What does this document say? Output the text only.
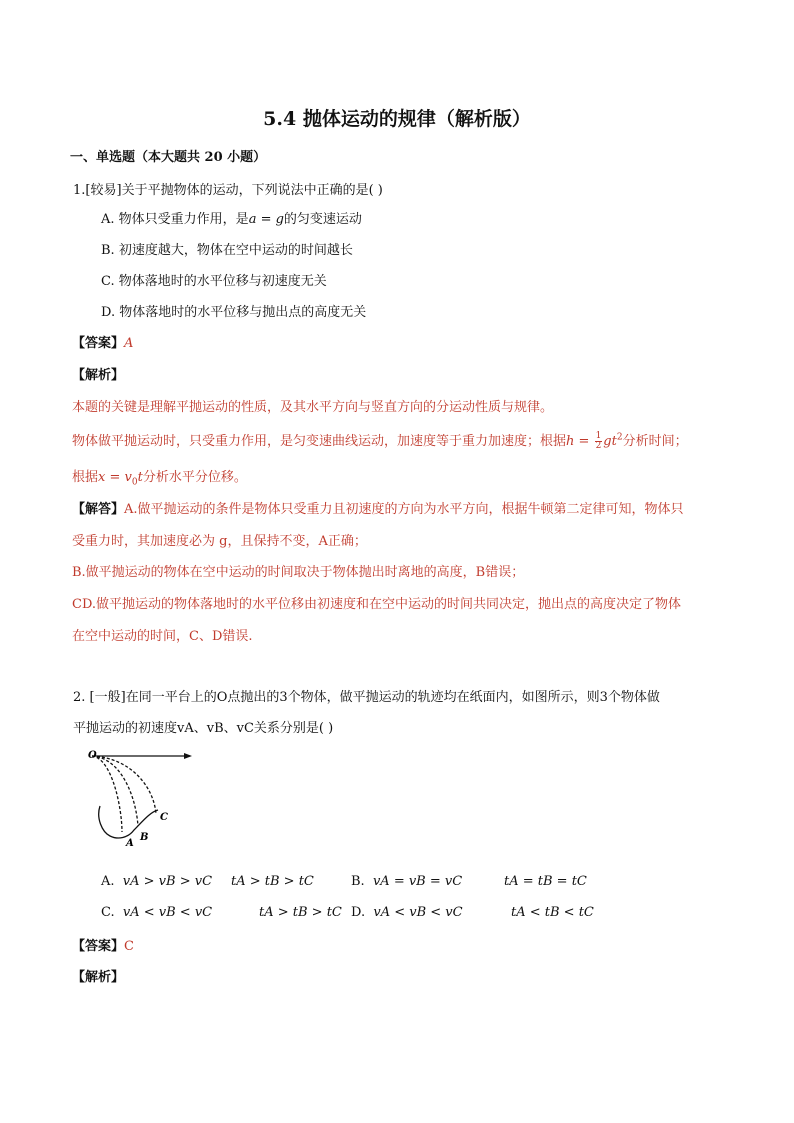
5.4 抛体运动的规律（解析版）
一、单选题（本大题共 20 小题）
1.[较易]关于平抛物体的运动，下列说法中正确的是( )
A. 物体只受重力作用，是a = g的匀变速运动
B. 初速度越大，物体在空中运动的时间越长
C. 物体落地时的水平位移与初速度无关
D. 物体落地时的水平位移与抛出点的高度无关
【答案】A
【解析】
本题的关键是理解平抛运动的性质，及其水平方向与竖直方向的分运动性质与规律。
物体做平抛运动时，只受重力作用，是匀变速曲线运动，加速度等于重力加速度；根据$h = \frac{1}{2} gt^2$分析时间；
根据$x = v_0t$分析水平分位移。
【解答】A.做平抛运动的条件是物体只受重力且初速度的方向为水平方向，根据牛顿第二定律可知，物体只
受重力时，其加速度必为 g，且保持不变，A正确；
B.做平抛运动的物体在空中运动的时间取决于物体抛出时离地的高度，B错误；
CD.做平抛运动的物体落地时的水平位移由初速度和在空中运动的时间共同决定，抛出点的高度决定了物体
在空中运动的时间，C、D错误.
2. [一般]在同一平台上的O点抛出的3个物体，做平抛运动的轨迹均在纸面内，如图所示，则3个物体做
平抛运动的初速度vA、vB、vC关系分别是( )
O
A
B
C
A. vA > vB > vC tA > tB > tC	B. vA = vB = vC	tA = tB = tC
C. vA < vB < vC	tA > tB > tC D. vA < vB < vC	tA < tB < tC
【答案】C
【解析】
